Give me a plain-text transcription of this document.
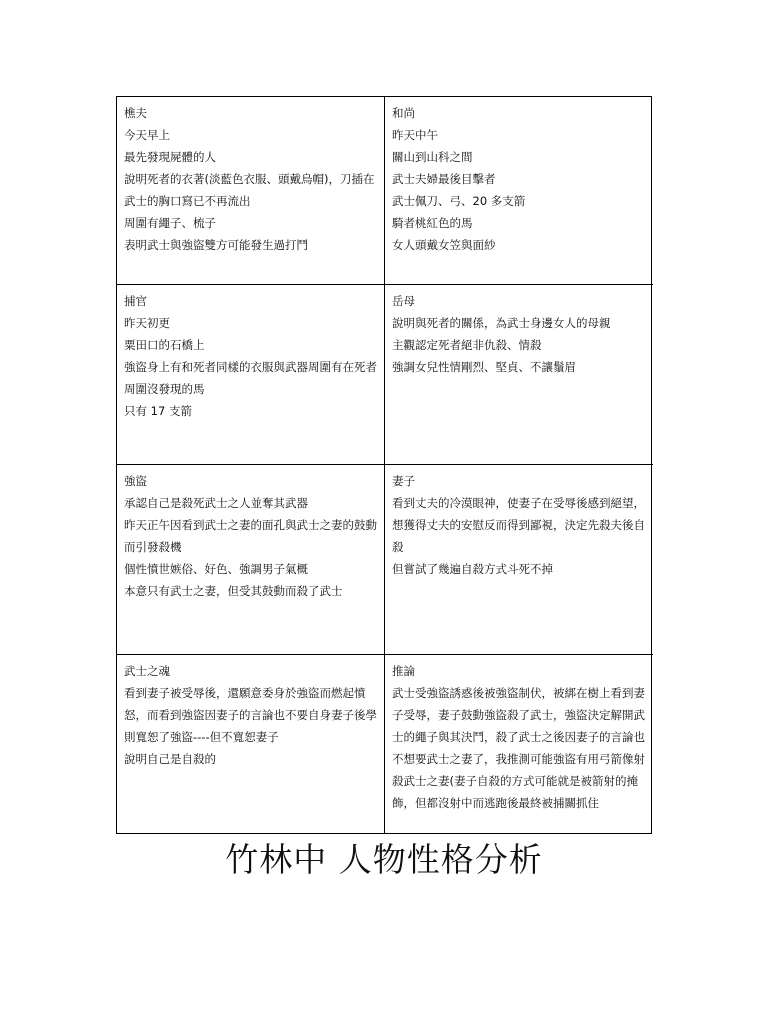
樵夫
今天早上
最先發現屍體的人
說明死者的衣著(淡藍色衣服、頭戴烏帽)，刀插在武士的胸口寫已不再流出
周圍有繩子、梳子
表明武士與強盜雙方可能發生過打鬥
和尚
昨天中午
關山到山科之間
武士夫婦最後目擊者
武士佩刀、弓、20 多支箭
騎者桃紅色的馬
女人頭戴女笠與面紗
捕官
昨天初更
粟田口的石橋上
強盜身上有和死者同樣的衣服與武器周圍有在死者周圍沒發現的馬
只有 17 支箭
岳母
說明與死者的關係，為武士身邊女人的母親
主觀認定死者絕非仇殺、情殺
強調女兒性情剛烈、堅貞、不讓鬚眉
強盜
承認自己是殺死武士之人並奪其武器
昨天正午因看到武士之妻的面孔與武士之妻的鼓動而引發殺機
個性憤世嫉俗、好色、強調男子氣概
本意只有武士之妻，但受其鼓動而殺了武士
妻子
看到丈夫的冷漠眼神，使妻子在受辱後感到絕望，想獲得丈夫的安慰反而得到鄙視，決定先殺夫後自殺
但嘗試了幾遍自殺方式斗死不掉
武士之魂
看到妻子被受辱後，還願意委身於強盜而燃起憤怒，而看到強盜因妻子的言論也不要自身妻子後學則寬恕了強盜----但不寬恕妻子
說明自己是自殺的
推論
武士受強盜誘惑後被強盜制伏，被綁在樹上看到妻子受辱，妻子鼓動強盜殺了武士，強盜決定解開武士的繩子與其決鬥，殺了武士之後因妻子的言論也不想要武士之妻了，我推測可能強盜有用弓箭像射殺武士之妻(妻子自殺的方式可能就是被箭射的掩飾，但都沒射中而逃跑後最終被捕關抓住
竹林中 人物性格分析
